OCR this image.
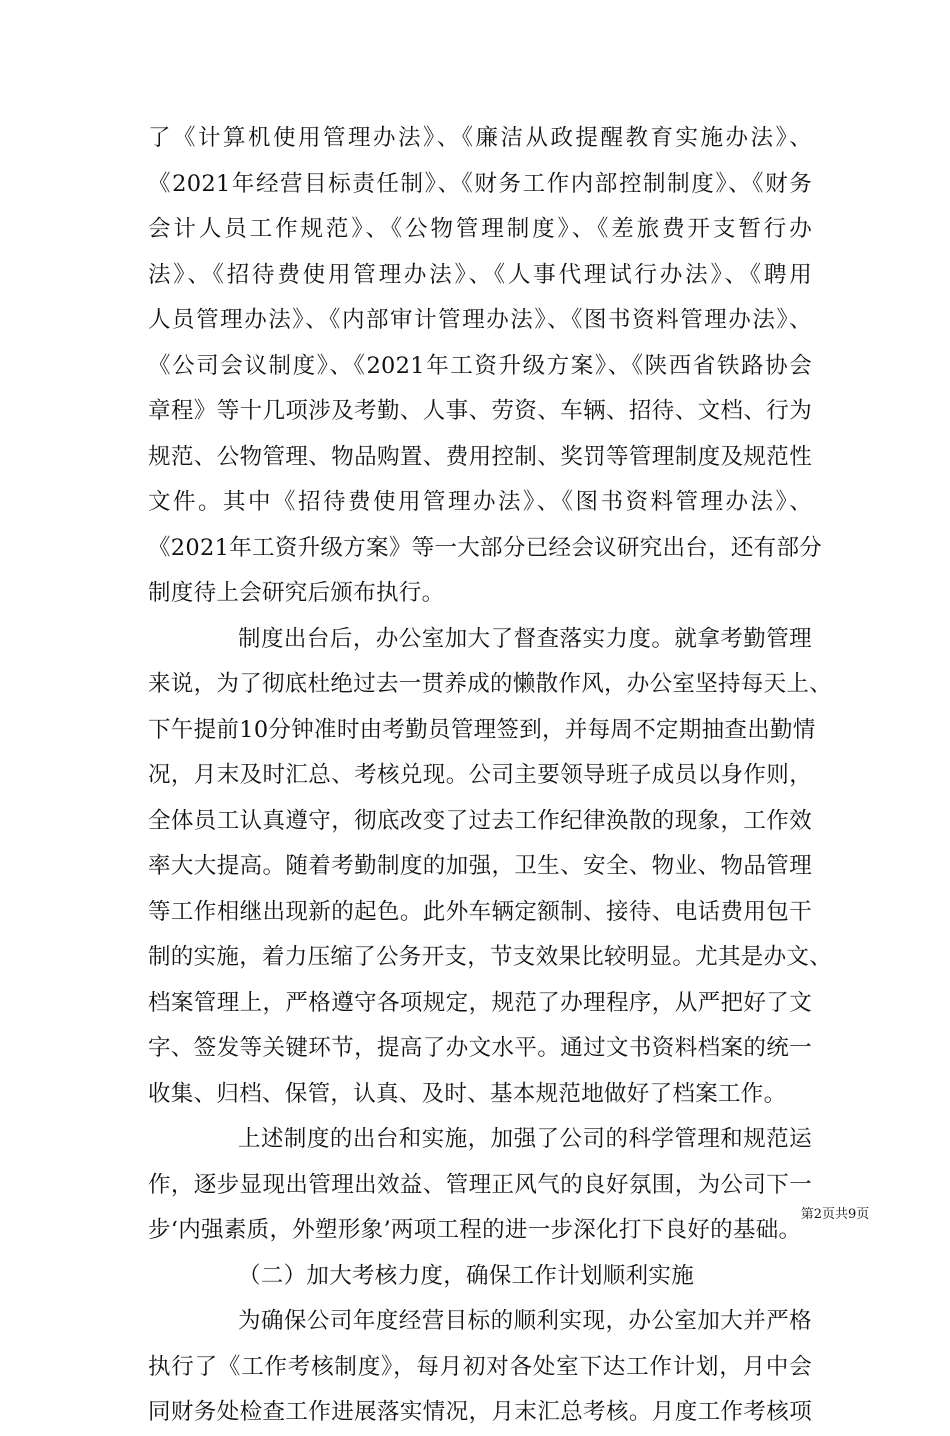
了《计算机使用管理办法》、《廉洁从政提醒教育实施办法》、
《2021年经营目标责任制》、《财务工作内部控制制度》、《财务
会计人员工作规范》、《公物管理制度》、《差旅费开支暂行办
法》、《招待费使用管理办法》、《人事代理试行办法》、《聘用
人员管理办法》、《内部审计管理办法》、《图书资料管理办法》、
《公司会议制度》、《2021年工资升级方案》、《陕西省铁路协会
章程》等十几项涉及考勤、人事、劳资、车辆、招待、文档、行为
规范、公物管理、物品购置、费用控制、奖罚等管理制度及规范性
文件。其中《招待费使用管理办法》、《图书资料管理办法》、
《2021年工资升级方案》等一大部分已经会议研究出台，还有部分
制度待上会研究后颁布执行。
制度出台后，办公室加大了督查落实力度。就拿考勤管理
来说，为了彻底杜绝过去一贯养成的懒散作风，办公室坚持每天上、
下午提前10分钟准时由考勤员管理签到，并每周不定期抽查出勤情
况，月末及时汇总、考核兑现。公司主要领导班子成员以身作则，
全体员工认真遵守，彻底改变了过去工作纪律涣散的现象，工作效
率大大提高。随着考勤制度的加强，卫生、安全、物业、物品管理
等工作相继出现新的起色。此外车辆定额制、接待、电话费用包干
制的实施，着力压缩了公务开支，节支效果比较明显。尤其是办文、
档案管理上，严格遵守各项规定，规范了办理程序，从严把好了文
字、签发等关键环节，提高了办文水平。通过文书资料档案的统一
收集、归档、保管，认真、及时、基本规范地做好了档案工作。
上述制度的出台和实施，加强了公司的科学管理和规范运
作，逐步显现出管理出效益、管理正风气的良好氛围，为公司下一
步‘内强素质，外塑形象’两项工程的进一步深化打下良好的基础。
（二）加大考核力度，确保工作计划顺利实施
为确保公司年度经营目标的顺利实现，办公室加大并严格
执行了《工作考核制度》，每月初对各处室下达工作计划，月中会
同财务处检查工作进展落实情况，月末汇总考核。月度工作考核项
第2页共9页
